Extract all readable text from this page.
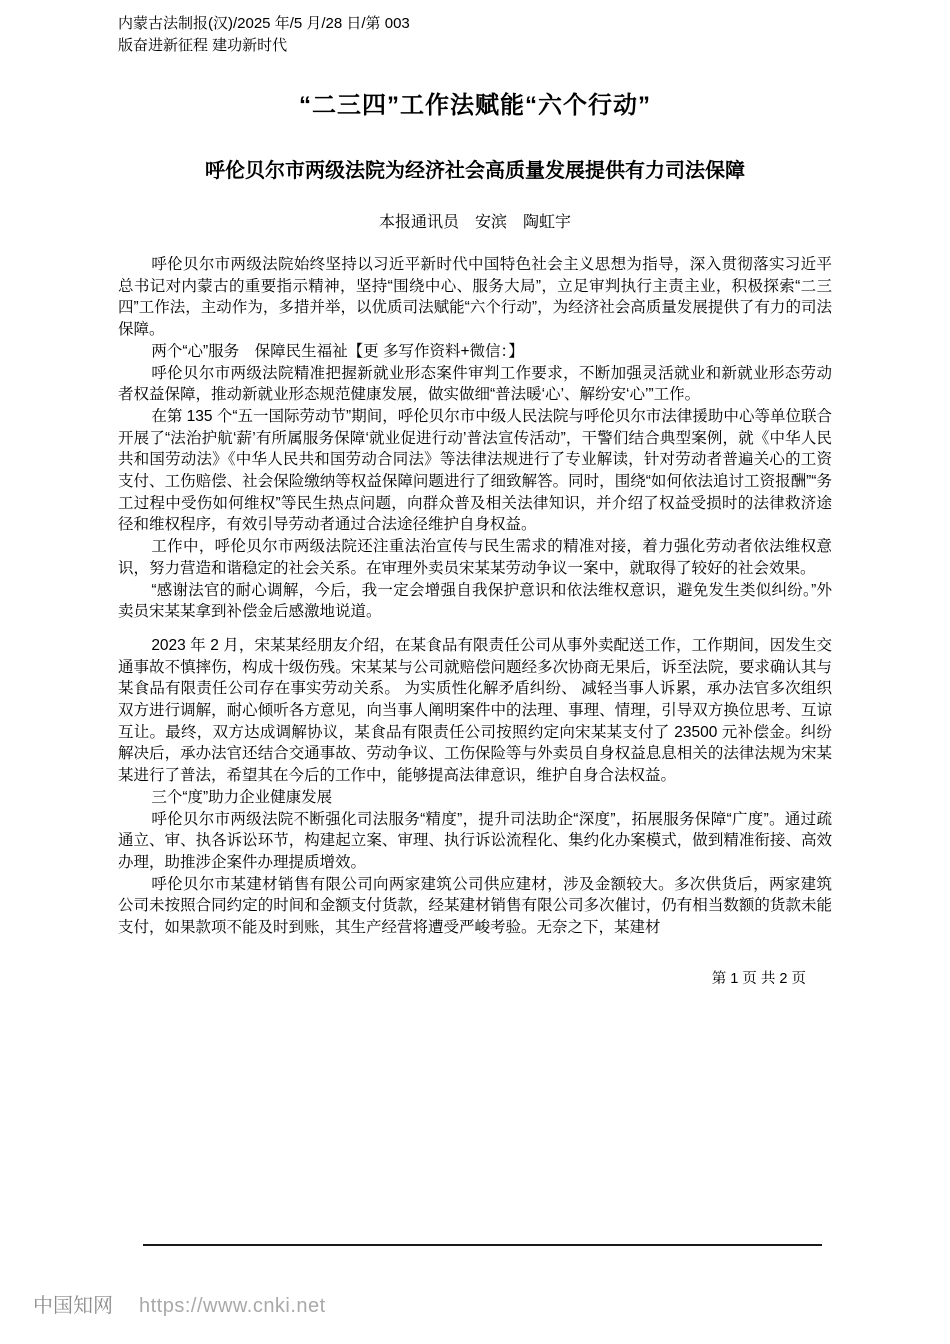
内蒙古法制报(汉)/2025 年/5 月/28 日/第 003
版奋进新征程 建功新时代
“二三四”工作法赋能“六个行动”
呼伦贝尔市两级法院为经济社会高质量发展提供有力司法保障
本报通讯员　安滨　陶虹宇

呼伦贝尔市两级法院始终坚持以习近平新时代中国特色社会主义思想为指导，深入贯彻落实习近平总书记对内蒙古的重要指示精神，坚持“围绕中心、服务大局”，立足审判执行主责主业，积极探索“二三四”工作法，主动作为，多措并举，以优质司法赋能“六个行动”，为经济社会高质量发展提供了有力的司法保障。

两个“心”服务　保障民生福祉【更 多写作资料+微信：】

呼伦贝尔市两级法院精准把握新就业形态案件审判工作要求，不断加强灵活就业和新就业形态劳动者权益保障，推动新就业形态规范健康发展，做实做细“普法暖‘心’、解纷安‘心’”工作。

在第 135 个“五一国际劳动节”期间，呼伦贝尔市中级人民法院与呼伦贝尔市法律援助中心等单位联合开展了“法治护航‘薪’有所属服务保障‘就业促进行动’普法宣传活动”，干警们结合典型案例，就《中华人民共和国劳动法》《中华人民共和国劳动合同法》等法律法规进行了专业解读，针对劳动者普遍关心的工资支付、工伤赔偿、社会保险缴纳等权益保障问题进行了细致解答。同时，围绕“如何依法追讨工资报酬”“务工过程中受伤如何维权”等民生热点问题，向群众普及相关法律知识，并介绍了权益受损时的法律救济途径和维权程序，有效引导劳动者通过合法途径维护自身权益。

工作中，呼伦贝尔市两级法院还注重法治宣传与民生需求的精准对接，着力强化劳动者依法维权意识，努力营造和谐稳定的社会关系。在审理外卖员宋某某劳动争议一案中，就取得了较好的社会效果。

“感谢法官的耐心调解，今后，我一定会增强自我保护意识和依法维权意识，避免发生类似纠纷。”外卖员宋某某拿到补偿金后感激地说道。

2023 年 2 月，宋某某经朋友介绍，在某食品有限责任公司从事外卖配送工作，工作期间，因发生交通事故不慎摔伤，构成十级伤残。宋某某与公司就赔偿问题经多次协商无果后，诉至法院，要求确认其与某食品有限责任公司存在事实劳动关系。 为实质性化解矛盾纠纷、 减轻当事人诉累，承办法官多次组织双方进行调解，耐心倾听各方意见，向当事人阐明案件中的法理、事理、情理，引导双方换位思考、互谅互让。最终，双方达成调解协议，某食品有限责任公司按照约定向宋某某支付了 23500 元补偿金。纠纷解决后，承办法官还结合交通事故、劳动争议、工伤保险等与外卖员自身权益息息相关的法律法规为宋某某进行了普法，希望其在今后的工作中，能够提高法律意识，维护自身合法权益。

三个“度”助力企业健康发展

呼伦贝尔市两级法院不断强化司法服务“精度”，提升司法助企“深度”，拓展服务保障“广度”。通过疏通立、审、执各诉讼环节，构建起立案、审理、执行诉讼流程化、集约化办案模式，做到精准衔接、高效办理，助推涉企案件办理提质增效。

呼伦贝尔市某建材销售有限公司向两家建筑公司供应建材，涉及金额较大。多次供货后，两家建筑公司未按照合同约定的时间和金额支付货款，经某建材销售有限公司多次催讨，仍有相当数额的货款未能支付，如果款项不能及时到账，其生产经营将遭受严峻考验。无奈之下，某建材

第 1 页 共 2 页
中国知网 https://www.cnki.net
